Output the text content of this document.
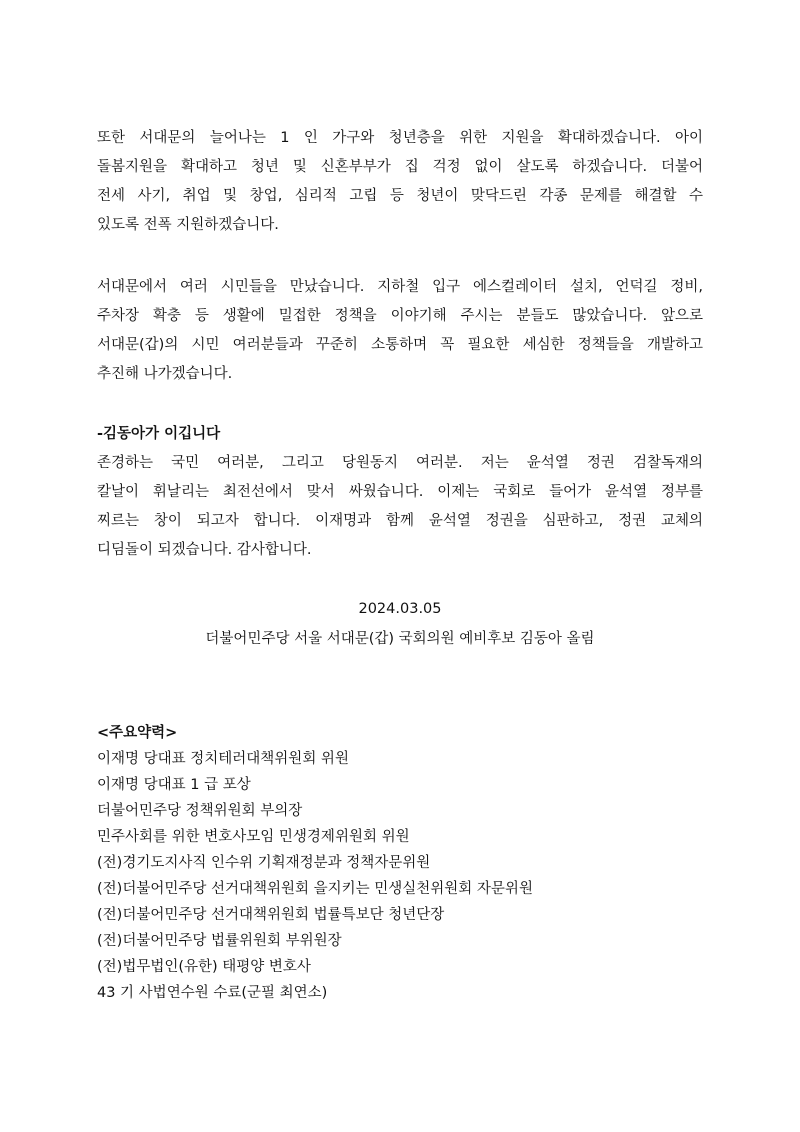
또한 서대문의 늘어나는 1 인 가구와 청년층을 위한 지원을 확대하겠습니다. 아이
돌봄지원을 확대하고 청년 및 신혼부부가 집 걱정 없이 살도록 하겠습니다. 더불어
전세 사기, 취업 및 창업, 심리적 고립 등 청년이 맞닥드린 각종 문제를 해결할 수
있도록 전폭 지원하겠습니다.
서대문에서 여러 시민들을 만났습니다. 지하철 입구 에스컬레이터 설치, 언덕길 정비,
주차장 확충 등 생활에 밀접한 정책을 이야기해 주시는 분들도 많았습니다. 앞으로
서대문(갑)의 시민 여러분들과 꾸준히 소통하며 꼭 필요한 세심한 정책들을 개발하고
추진해 나가겠습니다.

-김동아가 이깁니다

존경하는 국민 여러분, 그리고 당원동지 여러분. 저는 윤석열 정권 검찰독재의
칼날이 휘날리는 최전선에서 맞서 싸웠습니다. 이제는 국회로 들어가 윤석열 정부를
찌르는 창이 되고자 합니다. 이재명과 함께 윤석열 정권을 심판하고, 정권 교체의
디딤돌이 되겠습니다. 감사합니다.
2024.03.05
더불어민주당 서울 서대문(갑) 국회의원 예비후보 김동아 올림

<주요약력>

이재명 당대표 정치테러대책위원회 위원
이재명 당대표 1 급 포상
더불어민주당 정책위원회 부의장
민주사회를 위한 변호사모임 민생경제위원회 위원
(전)경기도지사직 인수위 기획재정분과 정책자문위원
(전)더불어민주당 선거대책위원회 을지키는 민생실천위원회 자문위원
(전)더불어민주당 선거대책위원회 법률특보단 청년단장
(전)더불어민주당 법률위원회 부위원장
(전)법무법인(유한) 태평양 변호사
43 기 사법연수원 수료(군필 최연소)
